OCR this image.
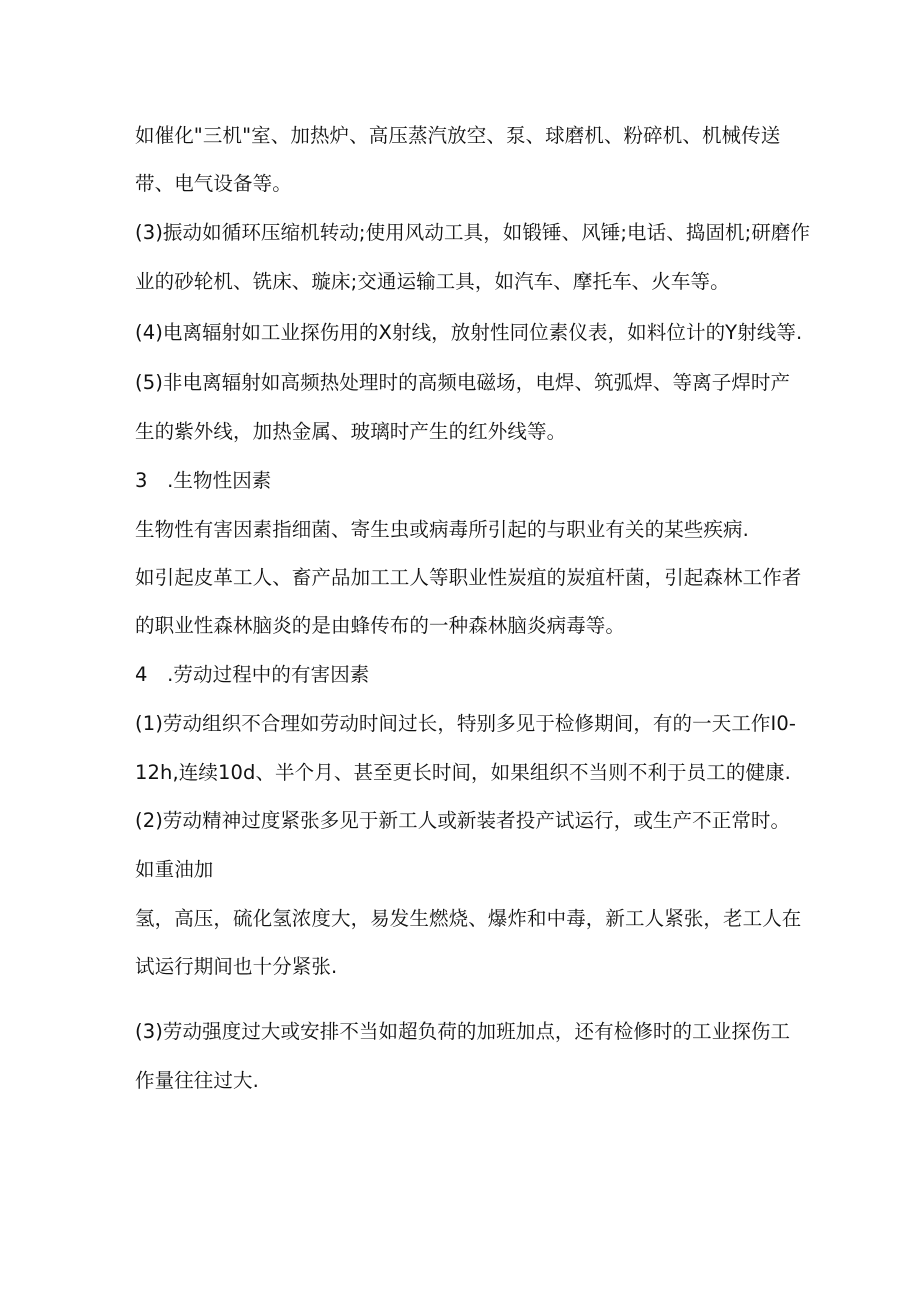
如催化"三机"室、加热炉、高压蒸汽放空、泵、球磨机、粉碎机、机械传送
带、电气设备等。
(3)振动如循环压缩机转动;使用风动工具，如锻锤、风锤;电话、捣固机;研磨作
业的砂轮机、铣床、璇床;交通运输工具，如汽车、摩托车、火车等。
(4)电离辐射如工业探伤用的X射线，放射性同位素仪表，如料位计的Y射线等.
(5)非电离辐射如高频热处理时的高频电磁场，电焊、筑弧焊、等离子焊时产
生的紫外线，加热金属、玻璃时产生的红外线等。
3　.生物性因素
生物性有害因素指细菌、寄生虫或病毒所引起的与职业有关的某些疾病.
如引起皮革工人、畜产品加工工人等职业性炭疽的炭疽杆菌，引起森林工作者
的职业性森林脑炎的是由蜂传布的一种森林脑炎病毒等。
4　.劳动过程中的有害因素
(1)劳动组织不合理如劳动时间过长，特别多见于检修期间，有的一天工作I0-
12h,连续10d、半个月、甚至更长时间，如果组织不当则不利于员工的健康.
(2)劳动精神过度紧张多见于新工人或新装者投产试运行，或生产不正常时。
如重油加
氢，高压，硫化氢浓度大，易发生燃烧、爆炸和中毒，新工人紧张，老工人在
试运行期间也十分紧张.
(3)劳动强度过大或安排不当如超负荷的加班加点，还有检修时的工业探伤工
作量往往过大.
